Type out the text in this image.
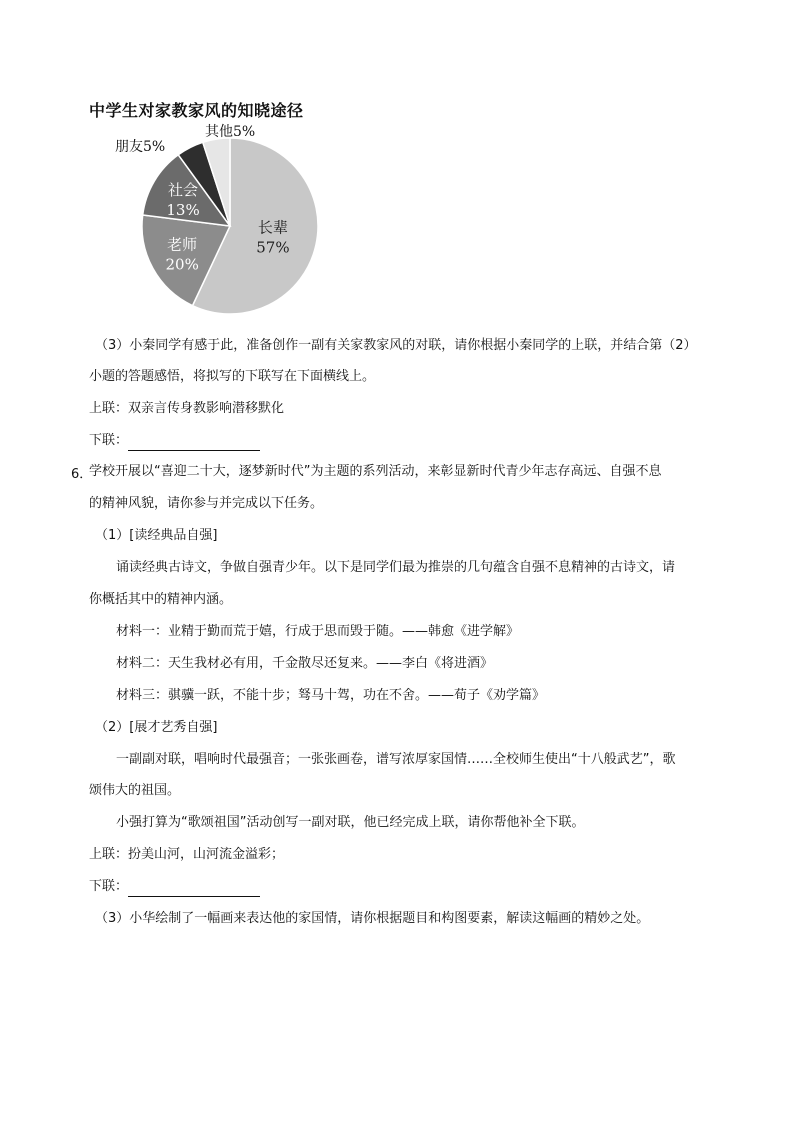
中学生对家教家风的知晓途径
长辈
57%
老师
20%
社会
13%
朋友5%
其他5%
（3）小秦同学有感于此，准备创作一副有关家教家风的对联，请你根据小秦同学的上联，并结合第（2）
小题的答题感悟，将拟写的下联写在下面横线上。
上联：双亲言传身教影响潜移默化
下联：
6．
学校开展以“喜迎二十大，逐梦新时代”为主题的系列活动，来彰显新时代青少年志存高远、自强不息
的精神风貌，请你参与并完成以下任务。
（1）[读经典品自强]
诵读经典古诗文，争做自强青少年。以下是同学们最为推崇的几句蕴含自强不息精神的古诗文，请
你概括其中的精神内涵。
材料一：业精于勤而荒于嬉，行成于思而毁于随。——韩愈《进学解》
材料二：天生我材必有用，千金散尽还复来。——李白《将进酒》
材料三：骐骥一跃，不能十步；驽马十驾，功在不舍。——荀子《劝学篇》
（2）[展才艺秀自强]
一副副对联，唱响时代最强音；一张张画卷，谱写浓厚家国情……全校师生使出“十八般武艺”，歌
颂伟大的祖国。
小强打算为“歌颂祖国”活动创写一副对联，他已经完成上联，请你帮他补全下联。
上联：扮美山河，山河流金溢彩；
下联：
（3）小华绘制了一幅画来表达他的家国情，请你根据题目和构图要素，解读这幅画的精妙之处。
